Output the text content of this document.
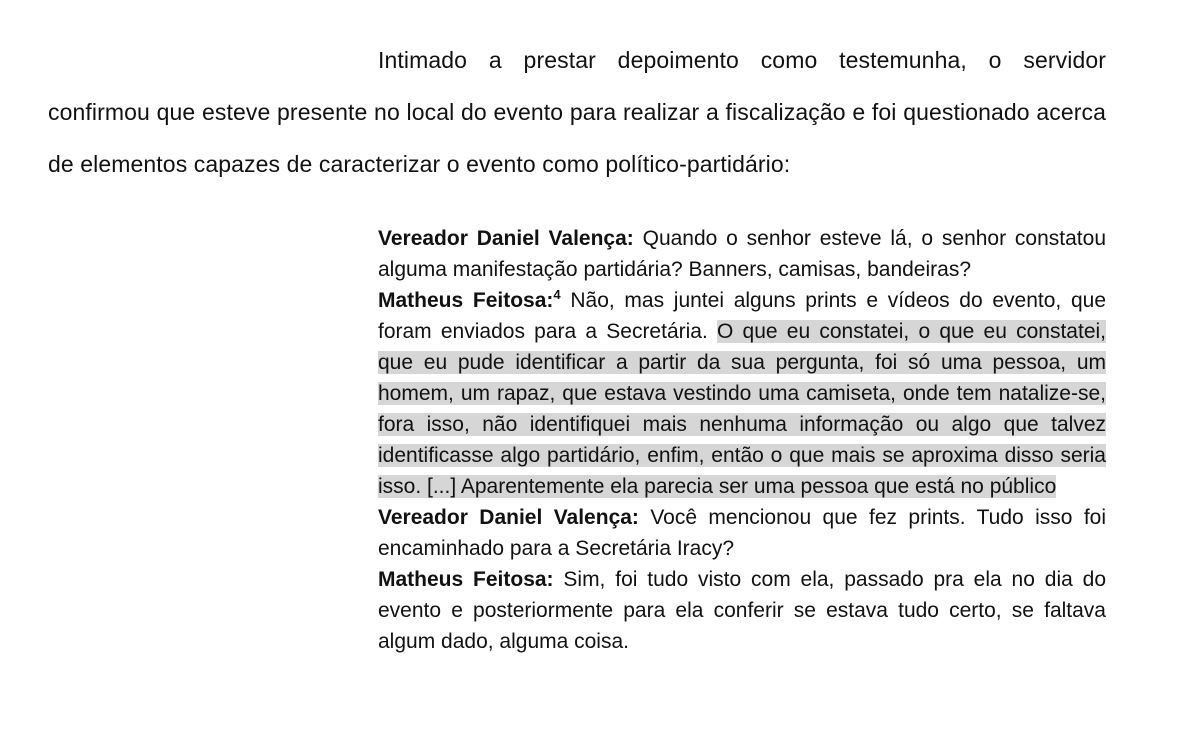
Intimado a prestar depoimento como testemunha, o servidor confirmou que esteve presente no local do evento para realizar a fiscalização e foi questionado acerca de elementos capazes de caracterizar o evento como político-partidário:

Vereador Daniel Valença: Quando o senhor esteve lá, o senhor constatou alguma manifestação partidária? Banners, camisas, bandeiras?

Matheus Feitosa:$^4$ Não, mas juntei alguns prints e vídeos do evento, que foram enviados para a Secretária. O que eu constatei, o que eu constatei, que eu pude identificar a partir da sua pergunta, foi só uma pessoa, um homem, um rapaz, que estava vestindo uma camiseta, onde tem natalize-se, fora isso, não identifiquei mais nenhuma informação ou algo que talvez identificasse algo partidário, enfim, então o que mais se aproxima disso seria isso. [...] Aparentemente ela parecia ser uma pessoa que está no público

Vereador Daniel Valença: Você mencionou que fez prints. Tudo isso foi encaminhado para a Secretária Iracy?

Matheus Feitosa: Sim, foi tudo visto com ela, passado pra ela no dia do evento e posteriormente para ela conferir se estava tudo certo, se faltava algum dado, alguma coisa.
